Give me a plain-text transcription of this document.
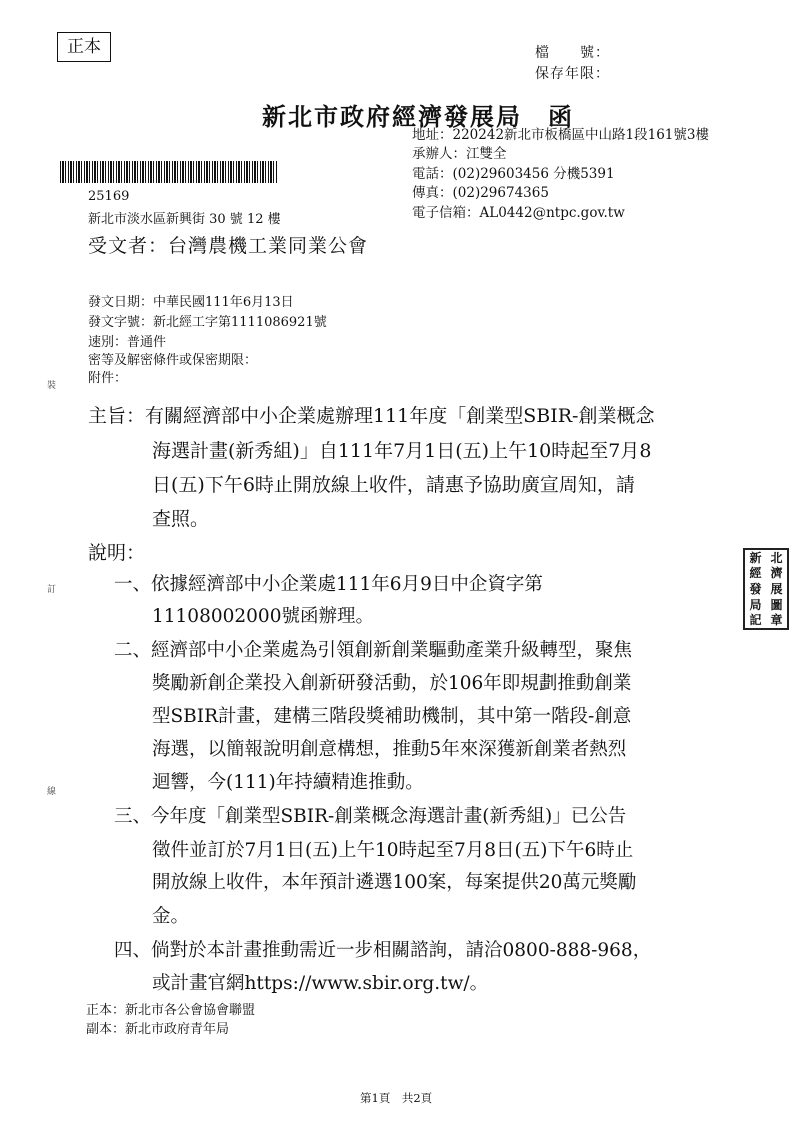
正本	檔　　號：
保存年限：
新北市政府經濟發展局　函
地址：220242新北市板橋區中山路1段161號3樓
承辦人：江雙全
電話：(02)29603456 分機5391
傳真：(02)29674365
電子信箱：AL0442@ntpc.gov.tw
25169
新北市淡水區新興街 30 號 12 樓
受文者：台灣農機工業同業公會
發文日期：中華民國111年6月13日
發文字號：新北經工字第1111086921號
速別：普通件
密等及解密條件或保密期限：
附件：
裝
訂
線
主旨：有關經濟部中小企業處辦理111年度「創業型SBIR-創業概念
海選計畫(新秀組)」自111年7月1日(五)上午10時起至7月8
日(五)下午6時止開放線上收件，請惠予協助廣宣周知，請
查照。
說明：
一、依據經濟部中小企業處111年6月9日中企資字第
11108002000號函辦理。
二、經濟部中小企業處為引領創新創業驅動產業升級轉型，聚焦
獎勵新創企業投入創新研發活動，於106年即規劃推動創業
型SBIR計畫，建構三階段獎補助機制，其中第一階段-創意
海選，以簡報說明創意構想，推動5年來深獲新創業者熱烈
迴響，今(111)年持續精進推動。
三、今年度「創業型SBIR-創業概念海選計畫(新秀組)」已公告
徵件並訂於7月1日(五)上午10時起至7月8日(五)下午6時止
開放線上收件，本年預計遴選100案，每案提供20萬元獎勵
金。
四、倘對於本計畫推動需近一步相關諮詢，請洽0800-888-968，
或計畫官網https://www.sbir.org.tw/。
新 北
經 濟
發 展
局 圖
記 章
正本：新北市各公會協會聯盟
副本：新北市政府青年局
第1頁　共2頁
